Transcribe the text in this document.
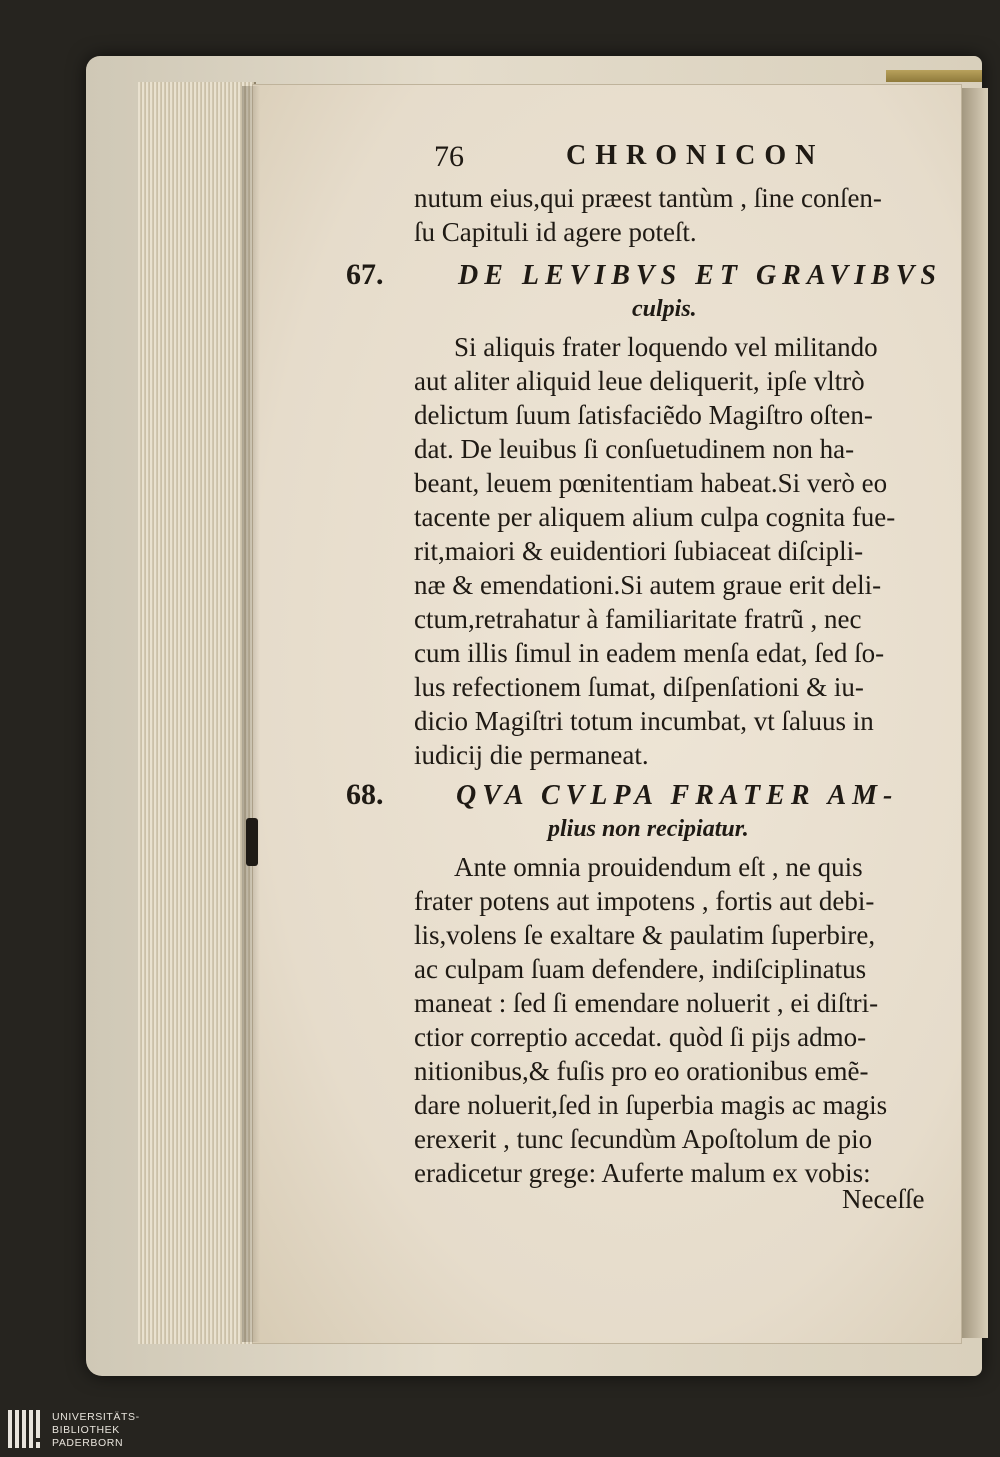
76	CHRONICON
nutum eius,qui præest tantùm , ſine conſen-
ſu Capituli id agere poteſt.
67.	DE LEVIBVS ET GRAVIBVS
culpis.
Si aliquis frater loquendo vel militando
aut aliter aliquid leue deliquerit, ipſe vltrò
delictum ſuum ſatisfaciẽdo Magiſtro oſten-
dat. De leuibus ſi conſuetudinem non ha-
beant, leuem pœnitentiam habeat.Si verò eo
tacente per aliquem alium culpa cognita fue-
rit,maiori & euidentiori ſubiaceat diſcipli-
næ & emendationi.Si autem graue erit deli-
ctum,retrahatur à familiaritate fratrũ , nec
cum illis ſimul in eadem menſa edat, ſed ſo-
lus refectionem ſumat, diſpenſationi & iu-
dicio Magiſtri totum incumbat, vt ſaluus in
iudicij die permaneat.
68.	QVA CVLPA FRATER AM-
plius non recipiatur.
Ante omnia prouidendum eſt , ne quis
frater potens aut impotens , fortis aut debi-
lis,volens ſe exaltare & paulatim ſuperbire,
ac culpam ſuam defendere, indiſciplinatus
maneat : ſed ſi emendare noluerit , ei diſtri-
ctior correptio accedat. quòd ſi pijs admo-
nitionibus,& fuſis pro eo orationibus emẽ-
dare noluerit,ſed in ſuperbia magis ac magis
erexerit , tunc ſecundùm Apoſtolum de pio
eradicetur grege: Auferte malum ex vobis:
Neceſſe
UNIVERSITÄTS-
BIBLIOTHEK
PADERBORN
